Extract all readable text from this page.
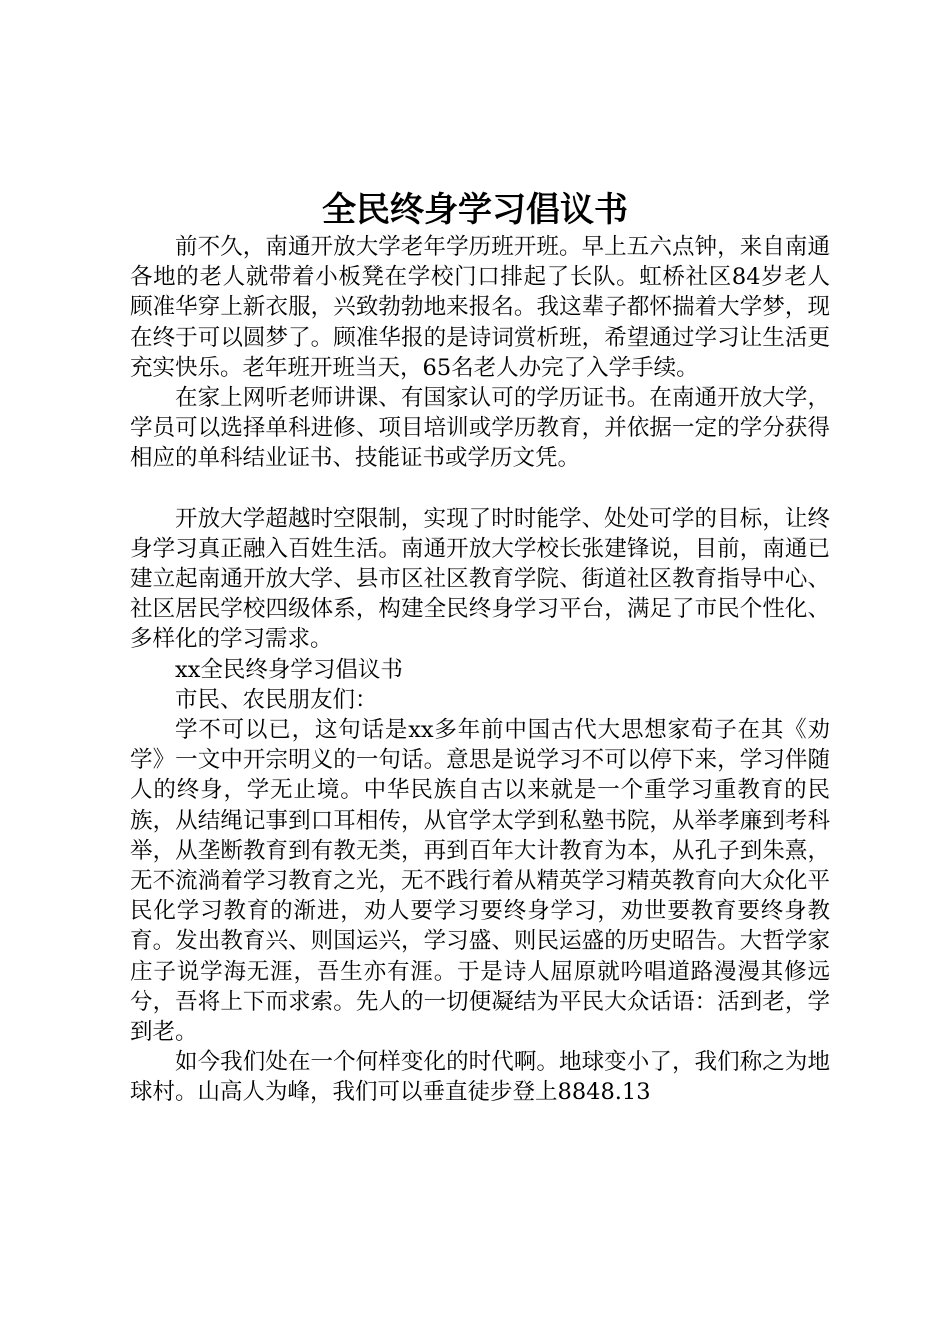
全民终身学习倡议书

前不久，南通开放大学老年学历班开班。早上五六点钟，来自南通各地的老人就带着小板凳在学校门口排起了长队。虹桥社区84岁老人顾准华穿上新衣服，兴致勃勃地来报名。我这辈子都怀揣着大学梦，现在终于可以圆梦了。顾准华报的是诗词赏析班，希望通过学习让生活更充实快乐。老年班开班当天，65名老人办完了入学手续。

在家上网听老师讲课、有国家认可的学历证书。在南通开放大学，学员可以选择单科进修、项目培训或学历教育，并依据一定的学分获得相应的单科结业证书、技能证书或学历文凭。

开放大学超越时空限制，实现了时时能学、处处可学的目标，让终身学习真正融入百姓生活。南通开放大学校长张建锋说，目前，南通已建立起南通开放大学、县市区社区教育学院、街道社区教育指导中心、社区居民学校四级体系，构建全民终身学习平台，满足了市民个性化、多样化的学习需求。

xx全民终身学习倡议书

市民、农民朋友们：

学不可以已，这句话是xx多年前中国古代大思想家荀子在其《劝学》一文中开宗明义的一句话。意思是说学习不可以停下来，学习伴随人的终身，学无止境。中华民族自古以来就是一个重学习重教育的民族，从结绳记事到口耳相传，从官学太学到私塾书院，从举孝廉到考科举，从垄断教育到有教无类，再到百年大计教育为本，从孔子到朱熹，无不流淌着学习教育之光，无不践行着从精英学习精英教育向大众化平民化学习教育的渐进，劝人要学习要终身学习，劝世要教育要终身教育。发出教育兴、则国运兴，学习盛、则民运盛的历史昭告。大哲学家庄子说学海无涯，吾生亦有涯。于是诗人屈原就吟唱道路漫漫其修远兮，吾将上下而求索。先人的一切便凝结为平民大众话语：活到老，学到老。

如今我们处在一个何样变化的时代啊。地球变小了，我们称之为地球村。山高人为峰，我们可以垂直徒步登上8848.13
